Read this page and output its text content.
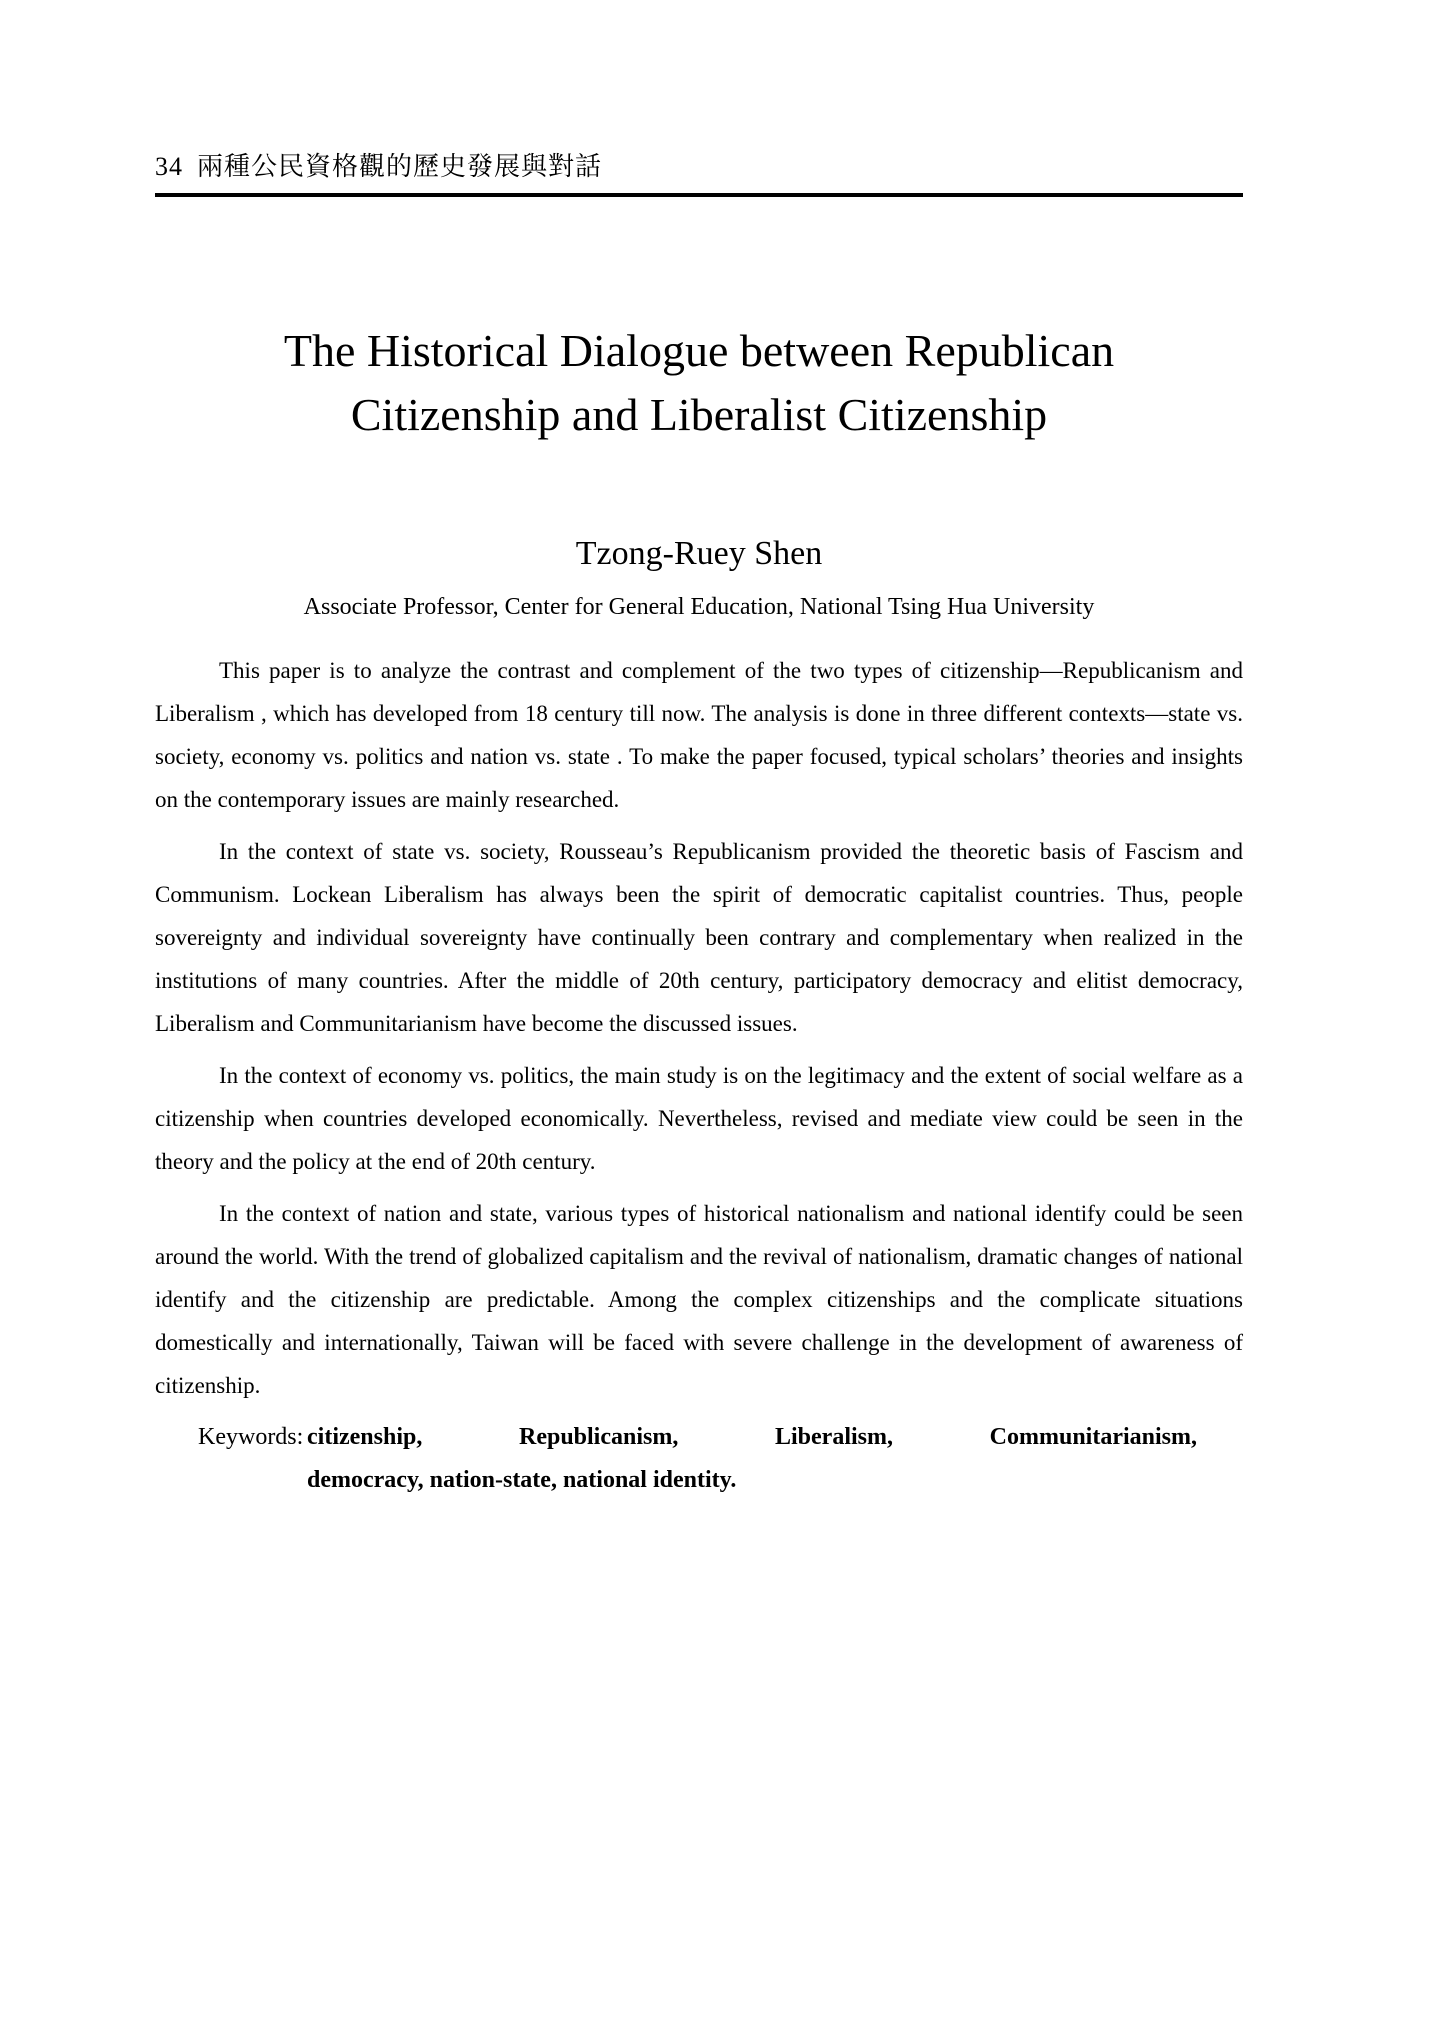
34 兩種公民資格觀的歷史發展與對話
The Historical Dialogue between Republican
Citizenship and Liberalist Citizenship
Tzong-Ruey Shen
Associate Professor, Center for General Education, National Tsing Hua University

This paper is to analyze the contrast and complement of the two types of citizenship—Republicanism and Liberalism , which has developed from 18 century till now. The analysis is done in three different contexts—state vs. society, economy vs. politics and nation vs. state . To make the paper focused, typical scholars’ theories and insights on the contemporary issues are mainly researched.

In the context of state vs. society, Rousseau’s Republicanism provided the theoretic basis of Fascism and Communism. Lockean Liberalism has always been the spirit of democratic capitalist countries. Thus, people sovereignty and individual sovereignty have continually been contrary and complementary when realized in the institutions of many countries. After the middle of 20th century, participatory democracy and elitist democracy, Liberalism and Communitarianism have become the discussed issues.

In the context of economy vs. politics, the main study is on the legitimacy and the extent of social welfare as a citizenship when countries developed economically. Nevertheless, revised and mediate view could be seen in the theory and the policy at the end of 20th century.

In the context of nation and state, various types of historical nationalism and national identify could be seen around the world. With the trend of globalized capitalism and the revival of nationalism, dramatic changes of national identify and the citizenship are predictable. Among the complex citizenships and the complicate situations domestically and internationally, Taiwan will be faced with severe challenge in the development of awareness of citizenship.

Keywords: citizenship, Republicanism, Liberalism, Communitarianism,
democracy, nation-state, national identity.
